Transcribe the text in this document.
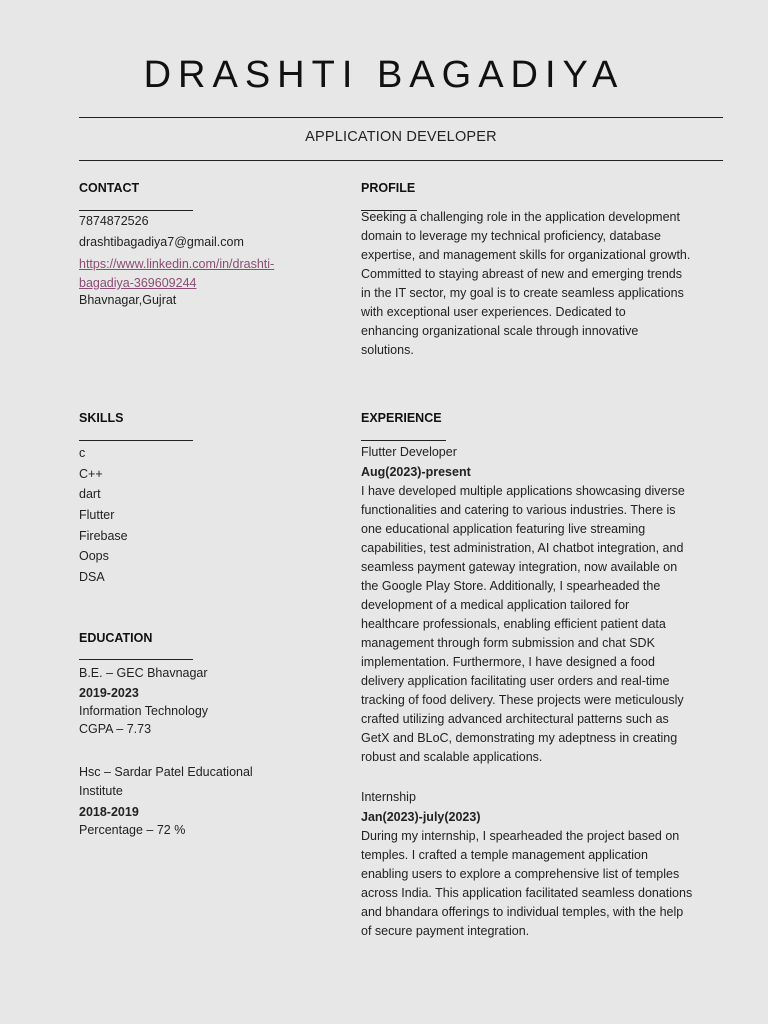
DRASHTI BAGADIYA
APPLICATION DEVELOPER
CONTACT
7874872526
drashtibagadiya7@gmail.com
https://www.linkedin.com/in/drashti-
bagadiya-369609244
Bhavnagar,Gujrat
PROFILE

Seeking a challenging role in the application development

domain to leverage my technical proficiency, database

expertise, and management skills for organizational growth.

Committed to staying abreast of new and emerging trends

in the IT sector, my goal is to create seamless applications

with exceptional user experiences. Dedicated to

enhancing organizational scale through innovative

solutions.

SKILLS
c
C++
dart
Flutter
Firebase
Oops
DSA
EDUCATION
B.E. – GEC Bhavnagar
2019-2023
Information Technology
CGPA – 7.73
Hsc – Sardar Patel Educational
Institute
2018-2019
Percentage – 72 %
EXPERIENCE
Flutter Developer
Aug(2023)-present

I have developed multiple applications showcasing diverse

functionalities and catering to various industries. There is

one educational application featuring live streaming

capabilities, test administration, AI chatbot integration, and

seamless payment gateway integration, now available on

the Google Play Store. Additionally, I spearheaded the

development of a medical application tailored for

healthcare professionals, enabling efficient patient data

management through form submission and chat SDK

implementation. Furthermore, I have designed a food

delivery application facilitating user orders and real-time

tracking of food delivery. These projects were meticulously

crafted utilizing advanced architectural patterns such as

GetX and BLoC, demonstrating my adeptness in creating

robust and scalable applications.

Internship
Jan(2023)-july(2023)

During my internship, I spearheaded the project based on

temples. I crafted a temple management application

enabling users to explore a comprehensive list of temples

across India. This application facilitated seamless donations

and bhandara offerings to individual temples, with the help

of secure payment integration.
